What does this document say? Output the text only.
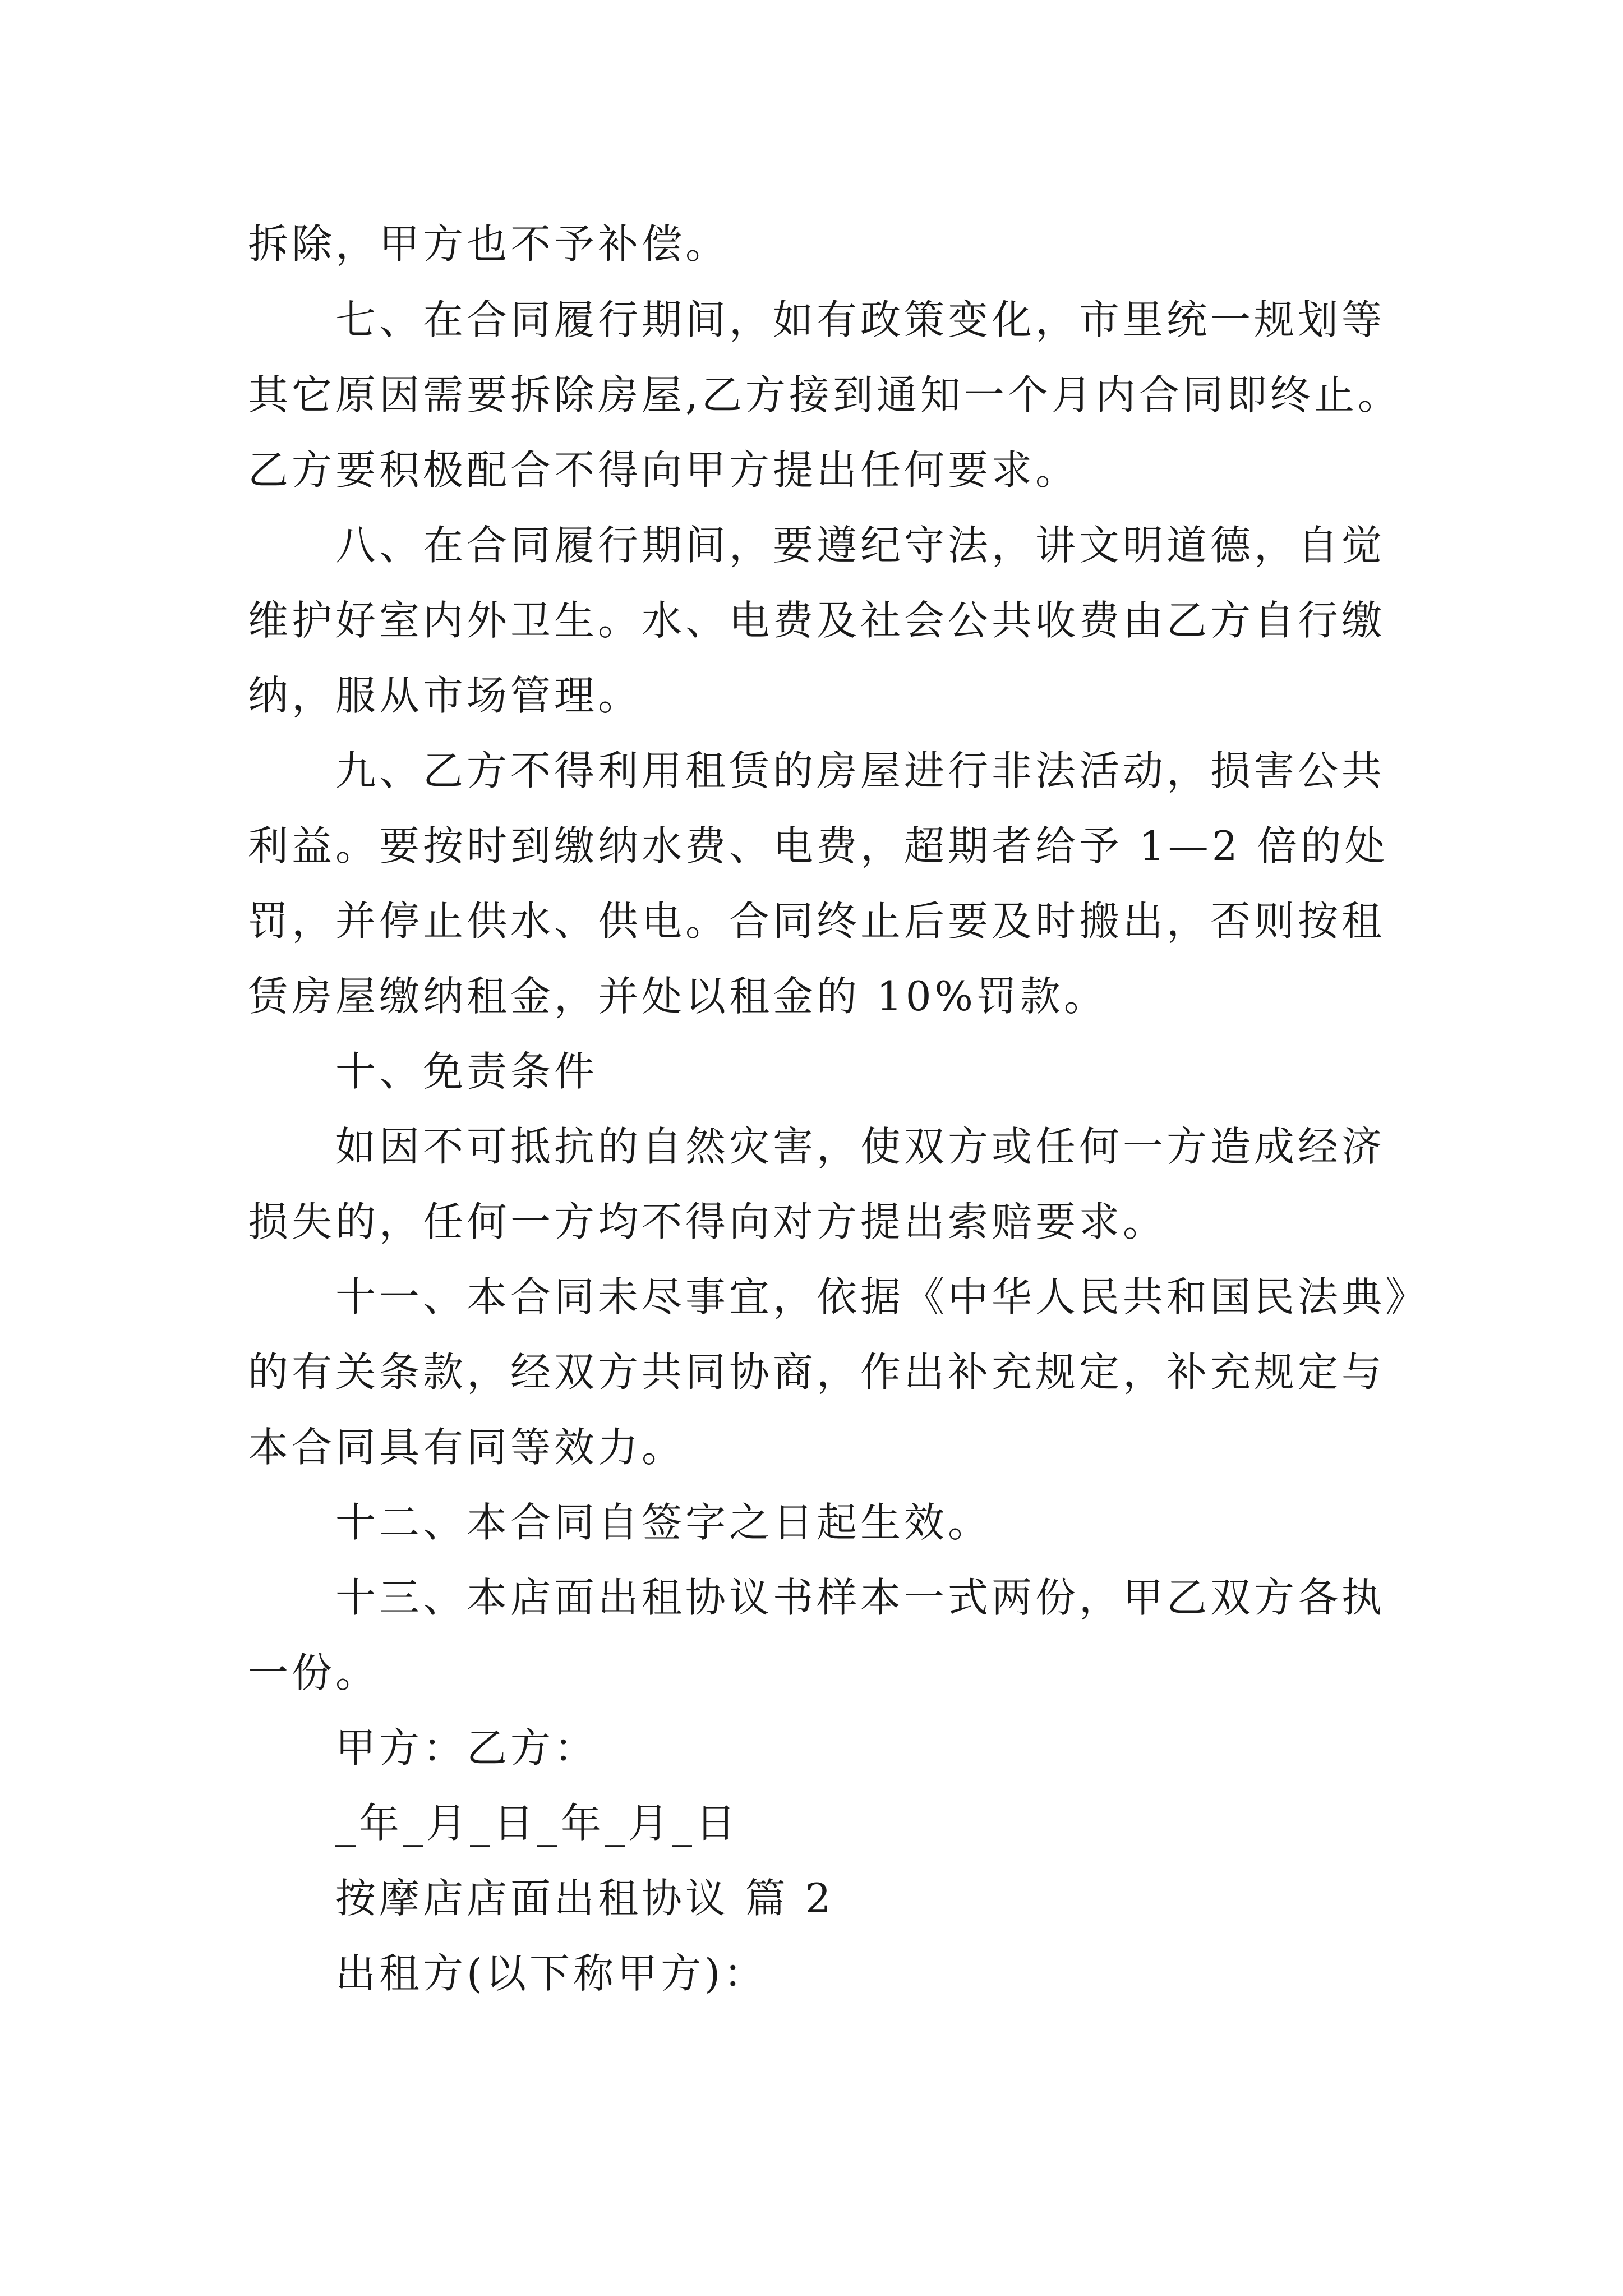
拆除，甲方也不予补偿。
七、在合同履行期间，如有政策变化，市里统一规划等
其它原因需要拆除房屋,乙方接到通知一个月内合同即终止。
乙方要积极配合不得向甲方提出任何要求。
八、在合同履行期间，要遵纪守法，讲文明道德，自觉
维护好室内外卫生。水、电费及社会公共收费由乙方自行缴
纳，服从市场管理。
九、乙方不得利用租赁的房屋进行非法活动，损害公共
利益。要按时到缴纳水费、电费，超期者给予 1—2 倍的处
罚，并停止供水、供电。合同终止后要及时搬出，否则按租
赁房屋缴纳租金，并处以租金的 10%罚款。
十、免责条件
如因不可抵抗的自然灾害，使双方或任何一方造成经济
损失的，任何一方均不得向对方提出索赔要求。
十一、本合同未尽事宜，依据《中华人民共和国民法典》
的有关条款，经双方共同协商，作出补充规定，补充规定与
本合同具有同等效力。
十二、本合同自签字之日起生效。
十三、本店面出租协议书样本一式两份，甲乙双方各执
一份。
甲方：乙方：
_年_月_日_年_月_日
按摩店店面出租协议 篇 2
出租方(以下称甲方)：
